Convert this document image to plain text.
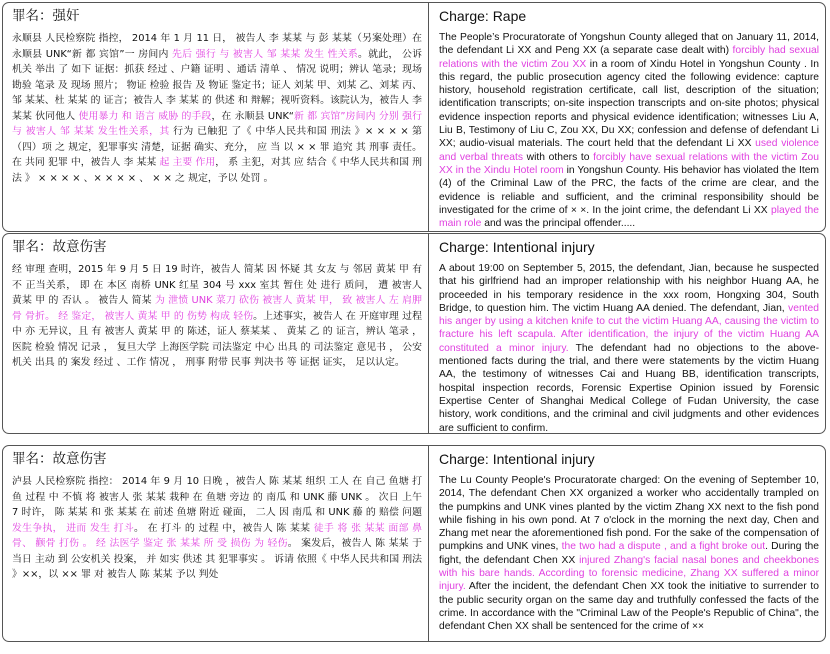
罪名：强奸

永顺县 人民检察院 指控， 2014 年 1 月 11 日， 被告人 李 某某 与 彭 某某（另案处理）在 永顺县 UNK“新 都 宾馆”一 房间内 先后 强行 与 被害人 邹 某某 发生 性关系。就此， 公诉 机关 举出 了 如下 证据：抓获 经过 、户籍 证明 、通话 清单 、 情况 说明；辨认 笔录；现场 勘验 笔录 及 现场 照片； 物证 检验 报告 及 物证 鉴定书；证人 刘某 甲、刘某 乙、刘某 丙、邹 某某、杜 某某 的 证言；被告人 李 某某 的 供述 和 辩解；视听资料。该院认为，被告人 李 某某 伙同他人 使用暴力 和 语言 威胁 的手段，在 永顺县 UNK“新 都 宾馆”房间内 分别 强行 与 被害人 邹 某某 发生性关系，其 行为 已触犯 了《 中华人民共和国 刑法 》× × × × 第（四）项 之 规定，犯罪事实 清楚，证据 确实、充分， 应 当 以 × × 罪 追究 其 刑事 责任。在 共同 犯罪 中，被告人 李 某某 起 主要 作用， 系 主犯，对其 应 结合《 中华人民共和国 刑法 》 × × × × 、× × × × 、 × × 之 规定，予以 处罚 。

Charge: Rape

The People’s Procuratorate of Yongshun County alleged that on January 11, 2014, the defendant Li XX and Peng XX (a separate case dealt with) forcibly had sexual relations with the victim Zou XX in a room of Xindu Hotel in Yongshun County . In this regard, the public prosecution agency cited the following evidence: capture history, household registration certificate, call list, description of the situation; identification transcripts; on-site inspection transcripts and on-site photos; physical evidence inspection reports and physical evidence identification; witnesses Liu A, Liu B, Testimony of Liu C, Zou XX, Du XX; confession and defense of defendant Li XX; audio-visual materials. The court held that the defendant Li XX used violence and verbal threats with others to forcibly have sexual relations with the victim Zou XX in the Xindu Hotel room in Yongshun County. His behavior has violated the Item (4) of the Criminal Law of the PRC, the facts of the crime are clear, and the evidence is reliable and sufficient, and the criminal responsibility should be investigated for the crime of × ×. In the joint crime, the defendant Li XX played the main role and was the principal offender.....

罪名：故意伤害

经 审理 查明，2015 年 9 月 5 日 19 时许，被告人 简某 因 怀疑 其 女友 与 邻居 黄某 甲 有 不 正当关系， 即 在 本区 南桥 UNK 红星 304 号 xxx 室其 暂住 处 进行 质问， 遭 被害人 黄某 甲 的 否认 。 被告人 简某 为 泄愤 UNK 菜刀 砍伤 被害人 黄某 甲， 致 被害人 左 肩胛骨 骨折。 经 鉴定， 被害人 黄某 甲 的 伤势 构成 轻伤。上述事实，被告人 在 开庭审理 过程 中 亦 无异议，且 有 被害人 黄某 甲 的 陈述，证人 蔡某某 、 黄某 乙 的 证言，辨认 笔录 ， 医院 检验 情况 记录 ， 复旦大学 上海医学院 司法鉴定 中心 出具 的 司法鉴定 意见书 ， 公安机关 出具 的 案发 经过 、工作 情况 ， 刑事 附带 民事 判决书 等 证据 证实， 足以认定。

Charge: Intentional injury

A about 19:00 on September 5, 2015, the defendant, Jian, because he suspected that his girlfriend had an improper relationship with his neighbor Huang AA, he proceeded in his temporary residence in the xxx room, Hongxing 304, South Bridge, to question him. The victim Huang AA denied. The defendant, Jian, vented his anger by using a kitchen knife to cut the victim Huang AA, causing the victim to fracture his left scapula. After identification, the injury of the victim Huang AA constituted a minor injury. The defendant had no objections to the above-mentioned facts during the trial, and there were statements by the victim Huang AA, the testimony of witnesses Cai and Huang BB, identification transcripts, hospital inspection records, Forensic Expertise Opinion issued by Forensic Expertise Center of Shanghai Medical College of Fudan University, the case history, work conditions, and the criminal and civil judgments and other evidences are sufficient to confirm.

罪名：故意伤害

泸县 人民检察院 指控： 2014 年 9 月 10 日晚 ，被告人 陈 某某 组织 工人 在 自己 鱼塘 打鱼 过程 中 不慎 将 被害人 张 某某 栽种 在 鱼塘 旁边 的 南瓜 和 UNK 藤 UNK 。 次日 上午 7 时许， 陈 某某 和 张 某某 在 前述 鱼塘 附近 碰面， 二人 因 南瓜 和 UNK 藤 的 赔偿 问题 发生争执， 进而 发生 打斗。 在 打斗 的 过程 中，被告人 陈 某某 徒手 将 张 某某 面部 鼻骨、 颧骨 打伤 。 经 法医学 鉴定 张 某某 所 受 损伤 为 轻伤。 案发后，被告人 陈 某某 于 当日 主动 到 公安机关 投案， 并 如实 供述 其 犯罪事实 。 诉请 依照《 中华人民共和国 刑法 》××，以 ×× 罪 对 被告人 陈 某某 予以 判处

Charge: Intentional injury

The Lu County People's Procuratorate charged: On the evening of September 10, 2014, The defendant Chen XX organized a worker who accidentally trampled on the pumpkins and UNK vines planted by the victim Zhang XX next to the fish pond while fishing in his own pond. At 7 o'clock in the morning the next day, Chen and Zhang met near the aforementioned fish pond. For the sake of the compensation of pumpkins and UNK vines, the two had a dispute , and a fight broke out. During the fight, the defendant Chen XX injured Zhang's facial nasal bones and cheekbones with his bare hands. According to forensic medicine, Zhang XX suffered a minor injury. After the incident, the defendant Chen XX took the initiative to surrender to the public security organ on the same day and truthfully confessed the facts of the crime. In accordance with the "Criminal Law of the People's Republic of China", the defendant Chen XX shall be sentenced for the crime of ××
